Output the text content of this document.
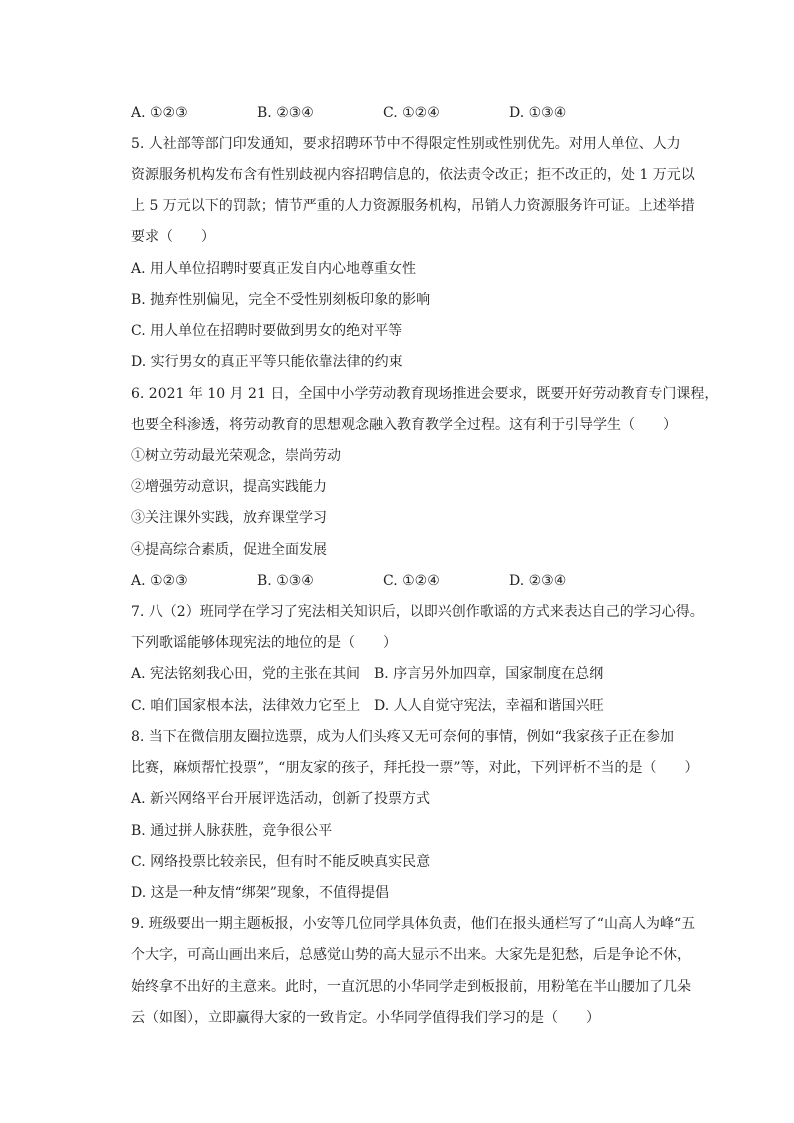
A. ①②③	B. ②③④	C. ①②④	D. ①③④
5. 人社部等部门印发通知，要求招聘环节中不得限定性别或性别优先。对用人单位、人力
资源服务机构发布含有性别歧视内容招聘信息的，依法责令改正；拒不改正的，处 1 万元以
上 5 万元以下的罚款；情节严重的人力资源服务机构，吊销人力资源服务许可证。上述举措
要求（　　）
A. 用人单位招聘时要真正发自内心地尊重女性
B. 抛弃性别偏见，完全不受性别刻板印象的影响
C. 用人单位在招聘时要做到男女的绝对平等
D. 实行男女的真正平等只能依靠法律的约束
6. 2021 年 10 月 21 日，全国中小学劳动教育现场推进会要求，既要开好劳动教育专门课程，
也要全科渗透，将劳动教育的思想观念融入教育教学全过程。这有利于引导学生（　　）
①树立劳动最光荣观念，崇尚劳动
②增强劳动意识，提高实践能力
③关注课外实践，放弃课堂学习
④提高综合素质，促进全面发展
A. ①②③	B. ①③④	C. ①②④	D. ②③④
7. 八（2）班同学在学习了宪法相关知识后，以即兴创作歌谣的方式来表达自己的学习心得。
下列歌谣能够体现宪法的地位的是（　　）
A. 宪法铭刻我心田，党的主张在其间 B. 序言另外加四章，国家制度在总纲
C. 咱们国家根本法，法律效力它至上 D. 人人自觉守宪法，幸福和谐国兴旺
8. 当下在微信朋友圈拉选票，成为人们头疼又无可奈何的事情，例如“我家孩子正在参加
比赛，麻烦帮忙投票”，“朋友家的孩子，拜托投一票”等，对此，下列评析不当的是（　　）
A. 新兴网络平台开展评选活动，创新了投票方式
B. 通过拼人脉获胜，竞争很公平
C. 网络投票比较亲民，但有时不能反映真实民意
D. 这是一种友情“绑架”现象，不值得提倡
9. 班级要出一期主题板报，小安等几位同学具体负责，他们在报头通栏写了“山高人为峰“五
个大字，可高山画出来后，总感觉山势的高大显示不出来。大家先是犯愁，后是争论不休，
始终拿不出好的主意来。此时，一直沉思的小华同学走到板报前，用粉笔在半山腰加了几朵
云（如图），立即赢得大家的一致肯定。小华同学值得我们学习的是（　　）
